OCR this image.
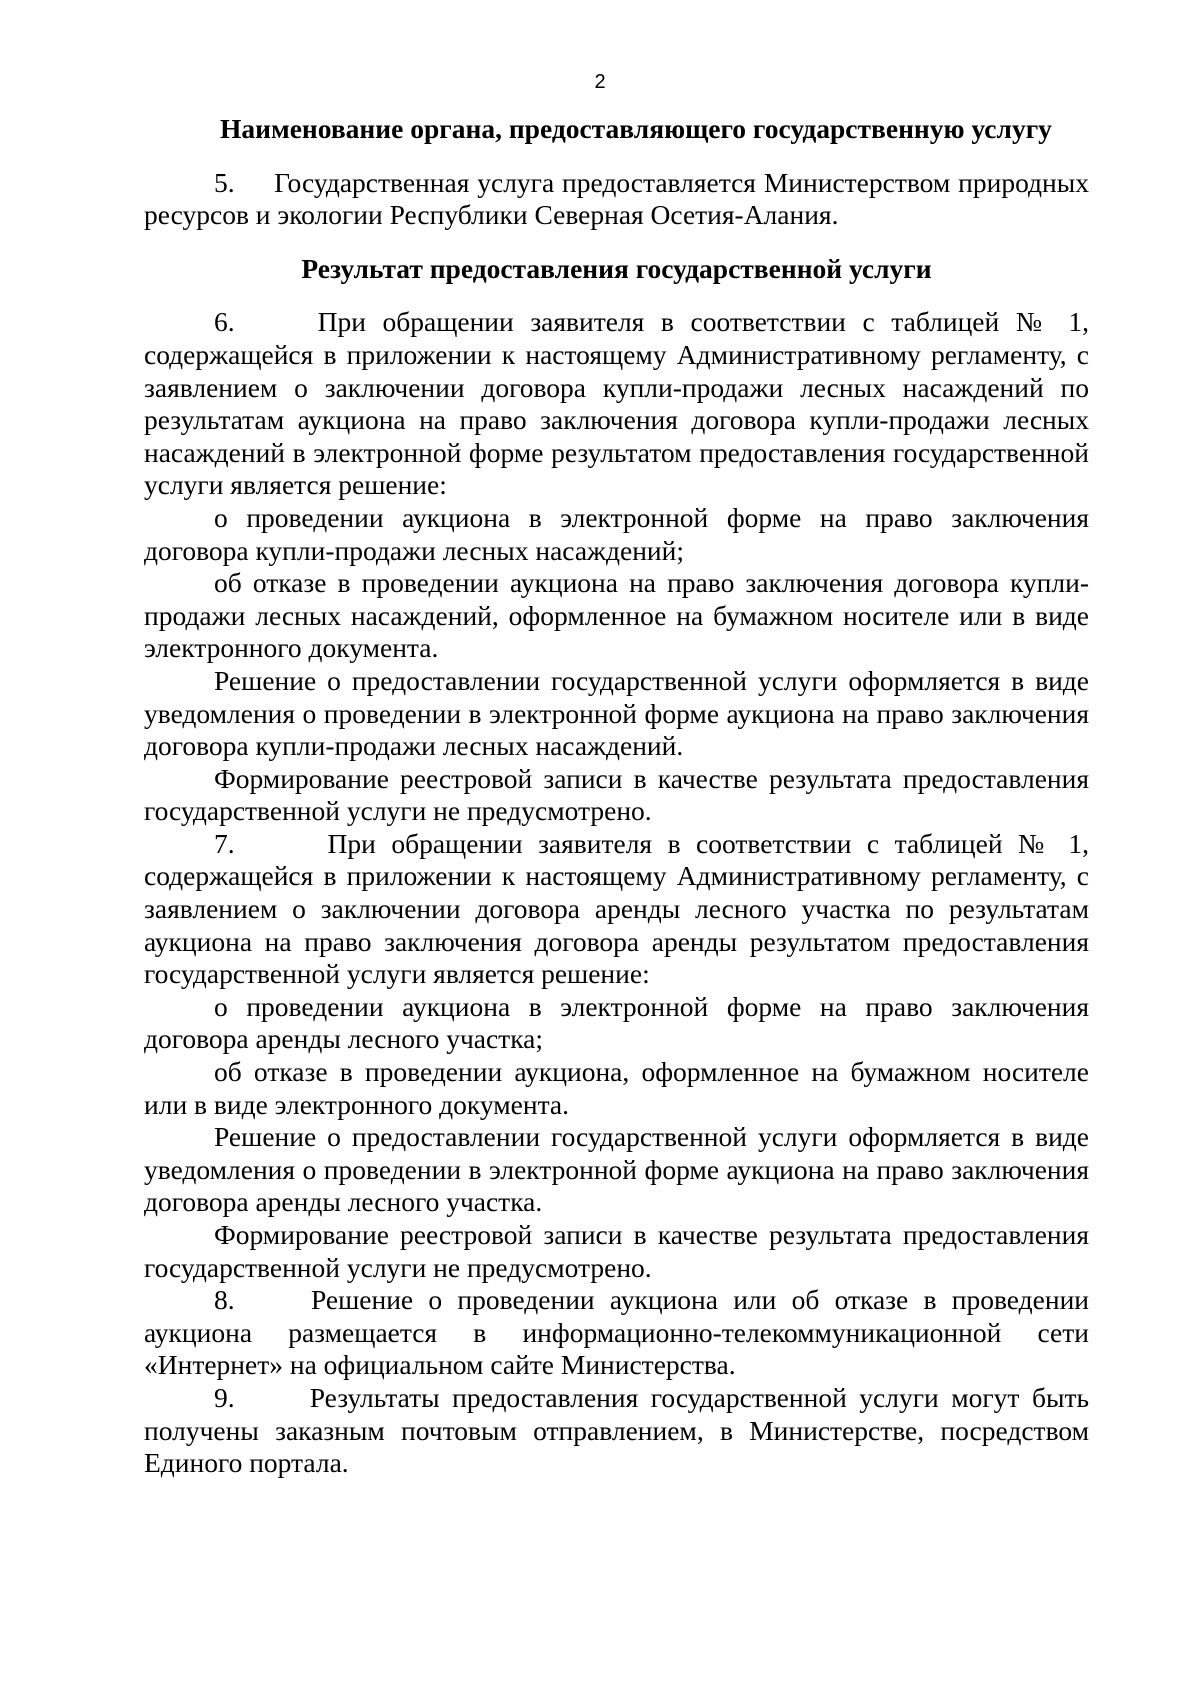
2
Наименование органа, предоставляющего государственную услугу

5.     Государственная услуга предоставляется Министерством природных ресурсов и экологии Республики Северная Осетия-Алания.

Результат предоставления государственной услуги

6.     При обращении заявителя в соответствии с таблицей № 1, содержащейся в приложении к настоящему Административному регламенту, с заявлением о заключении договора купли-продажи лесных насаждений по результатам аукциона на право заключения договора купли-продажи лесных насаждений в электронной форме результатом предоставления государственной услуги является решение:

о проведении аукциона в электронной форме на право заключения договора купли-продажи лесных насаждений;

об отказе в проведении аукциона на право заключения договора купли-продажи лесных насаждений, оформленное на бумажном носителе или в виде электронного документа.

Решение о предоставлении государственной услуги оформляется в виде уведомления о проведении в электронной форме аукциона на право заключения договора купли-продажи лесных насаждений.

Формирование реестровой записи в качестве результата предоставления государственной услуги не предусмотрено.

7.      При обращении заявителя в соответствии с таблицей № 1, содержащейся в приложении к настоящему Административному регламенту, с заявлением о заключении договора аренды лесного участка по результатам аукциона на право заключения договора аренды результатом предоставления государственной услуги является решение:

о проведении аукциона в электронной форме на право заключения договора аренды лесного участка;

об отказе в проведении аукциона, оформленное на бумажном носителе или в виде электронного документа.

Решение о предоставлении государственной услуги оформляется в виде уведомления о проведении в электронной форме аукциона на право заключения договора аренды лесного участка.

Формирование реестровой записи в качестве результата предоставления государственной услуги не предусмотрено.

8.     Решение о проведении аукциона или об отказе в проведении аукциона размещается в информационно-телекоммуникационной сети «Интернет» на официальном сайте Министерства.

9.      Результаты предоставления государственной услуги могут быть получены заказным почтовым отправлением, в Министерстве, посредством Единого портала.
